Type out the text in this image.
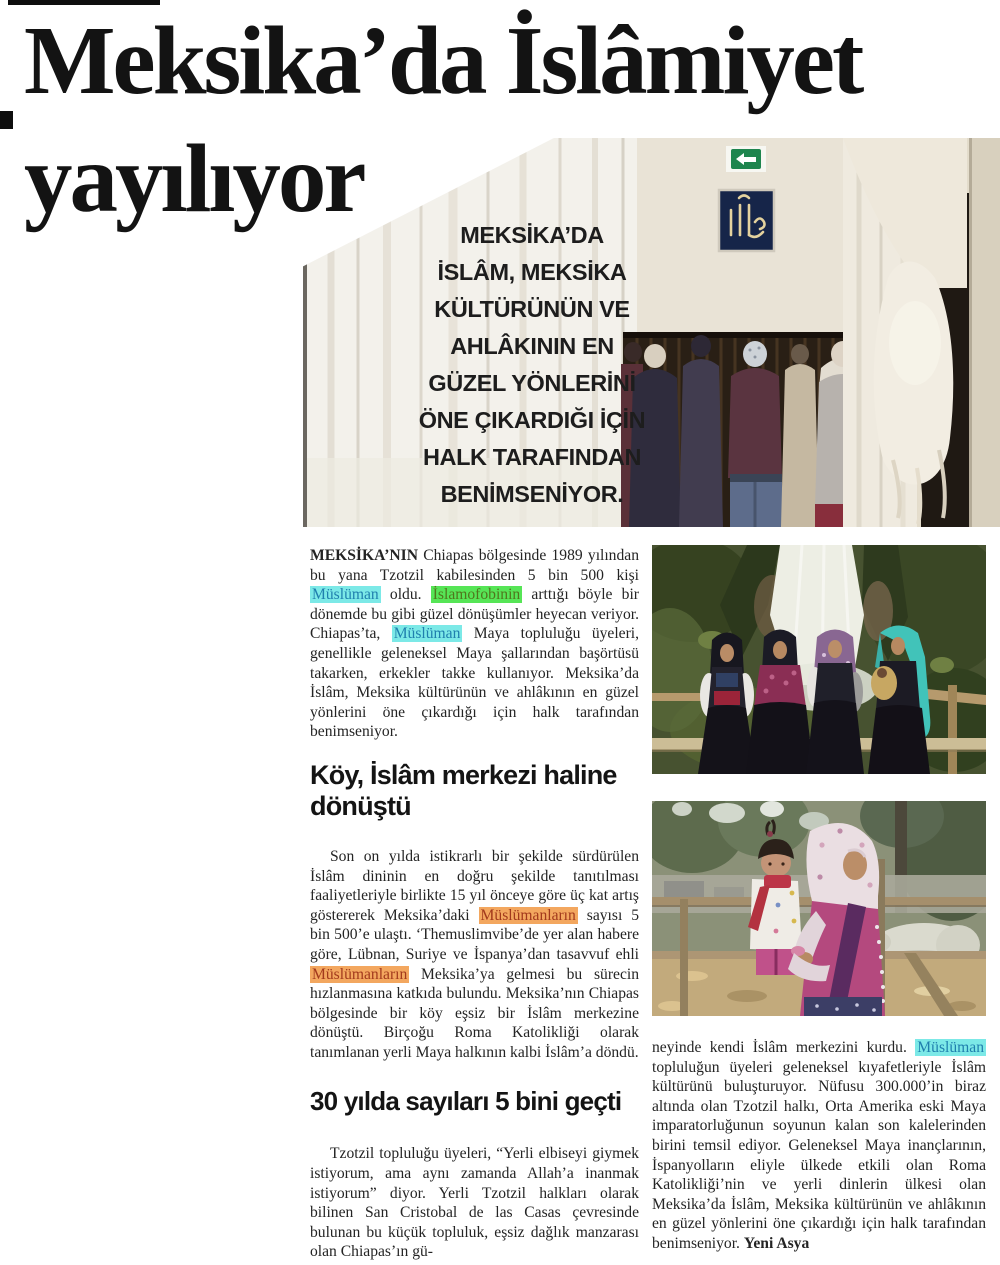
Meksika’da İslâmiyet
yayılıyor
MEKSİKA’DA
İSLÂM, MEKSİKA
KÜLTÜRÜNÜN VE
AHLÂKININ EN
GÜZEL YÖNLERİNİ
ÖNE ÇIKARDIĞI İÇİN
HALK TARAFINDAN
BENİMSENİYOR.

MEKSİKA’NIN Chiapas bölgesinde 1989 yılından bu yana Tzotzil kabilesinden 5 bin 500 kişi Müslüman oldu. İslamofobinin arttığı böyle bir dönemde bu gibi güzel dönüşümler heyecan veriyor. Chiapas’ta, Müslüman Maya topluluğu üyeleri, genellikle geleneksel Maya şallarından başörtüsü takarken, erkekler takke kullanıyor. Meksika’da İslâm, Meksika kültürünün ve ahlâkının en güzel yönlerini öne çıkardığı için halk tarafından benimseniyor.

Köy, İslâm merkezi haline dönüştü

Son on yılda istikrarlı bir şekilde sürdürülen İslâm dininin en doğru şekilde tanıtılması faaliyetleriyle birlikte 15 yıl önceye göre üç kat artış göstererek Meksika’daki Müslümanların sayısı 5 bin 500’e ulaştı. ‘Themuslimvibe’de yer alan habere göre, Lübnan, Suriye ve İspanya’dan tasavvuf ehli Müslümanların Meksika’ya gelmesi bu sürecin hızlanmasına katkıda bulundu. Meksika’nın Chiapas bölgesinde bir köy eşsiz bir İslâm merkezine dönüştü. Birçoğu Roma Katolikliği olarak tanımlanan yerli Maya halkının kalbi İslâm’a döndü.

30 yılda sayıları 5 bini geçti

Tzotzil topluluğu üyeleri, “Yerli elbiseyi giymek istiyorum, ama aynı zamanda Allah’a inanmak istiyorum” diyor. Yerli Tzotzil halkları olarak bilinen San Cristobal de las Casas çevresinde bulunan bu küçük topluluk, eşsiz dağlık manzarası olan Chiapas’ın gü-

neyinde kendi İslâm merkezini kurdu. Müslüman topluluğun üyeleri geleneksel kıyafetleriyle İslâm kültürünü buluşturuyor. Nüfusu 300.000’in biraz altında olan Tzotzil halkı, Orta Amerika eski Maya imparatorluğunun soyunun kalan son kalelerinden birini temsil ediyor. Geleneksel Maya inançlarının, İspanyolların eliyle ülkede etkili olan Roma Katolikliği’nin ve yerli dinlerin ülkesi olan Meksika’da İslâm, Meksika kültürünün ve ahlâkının en güzel yönlerini öne çıkardığı için halk tarafından benimseniyor. Yeni Asya
